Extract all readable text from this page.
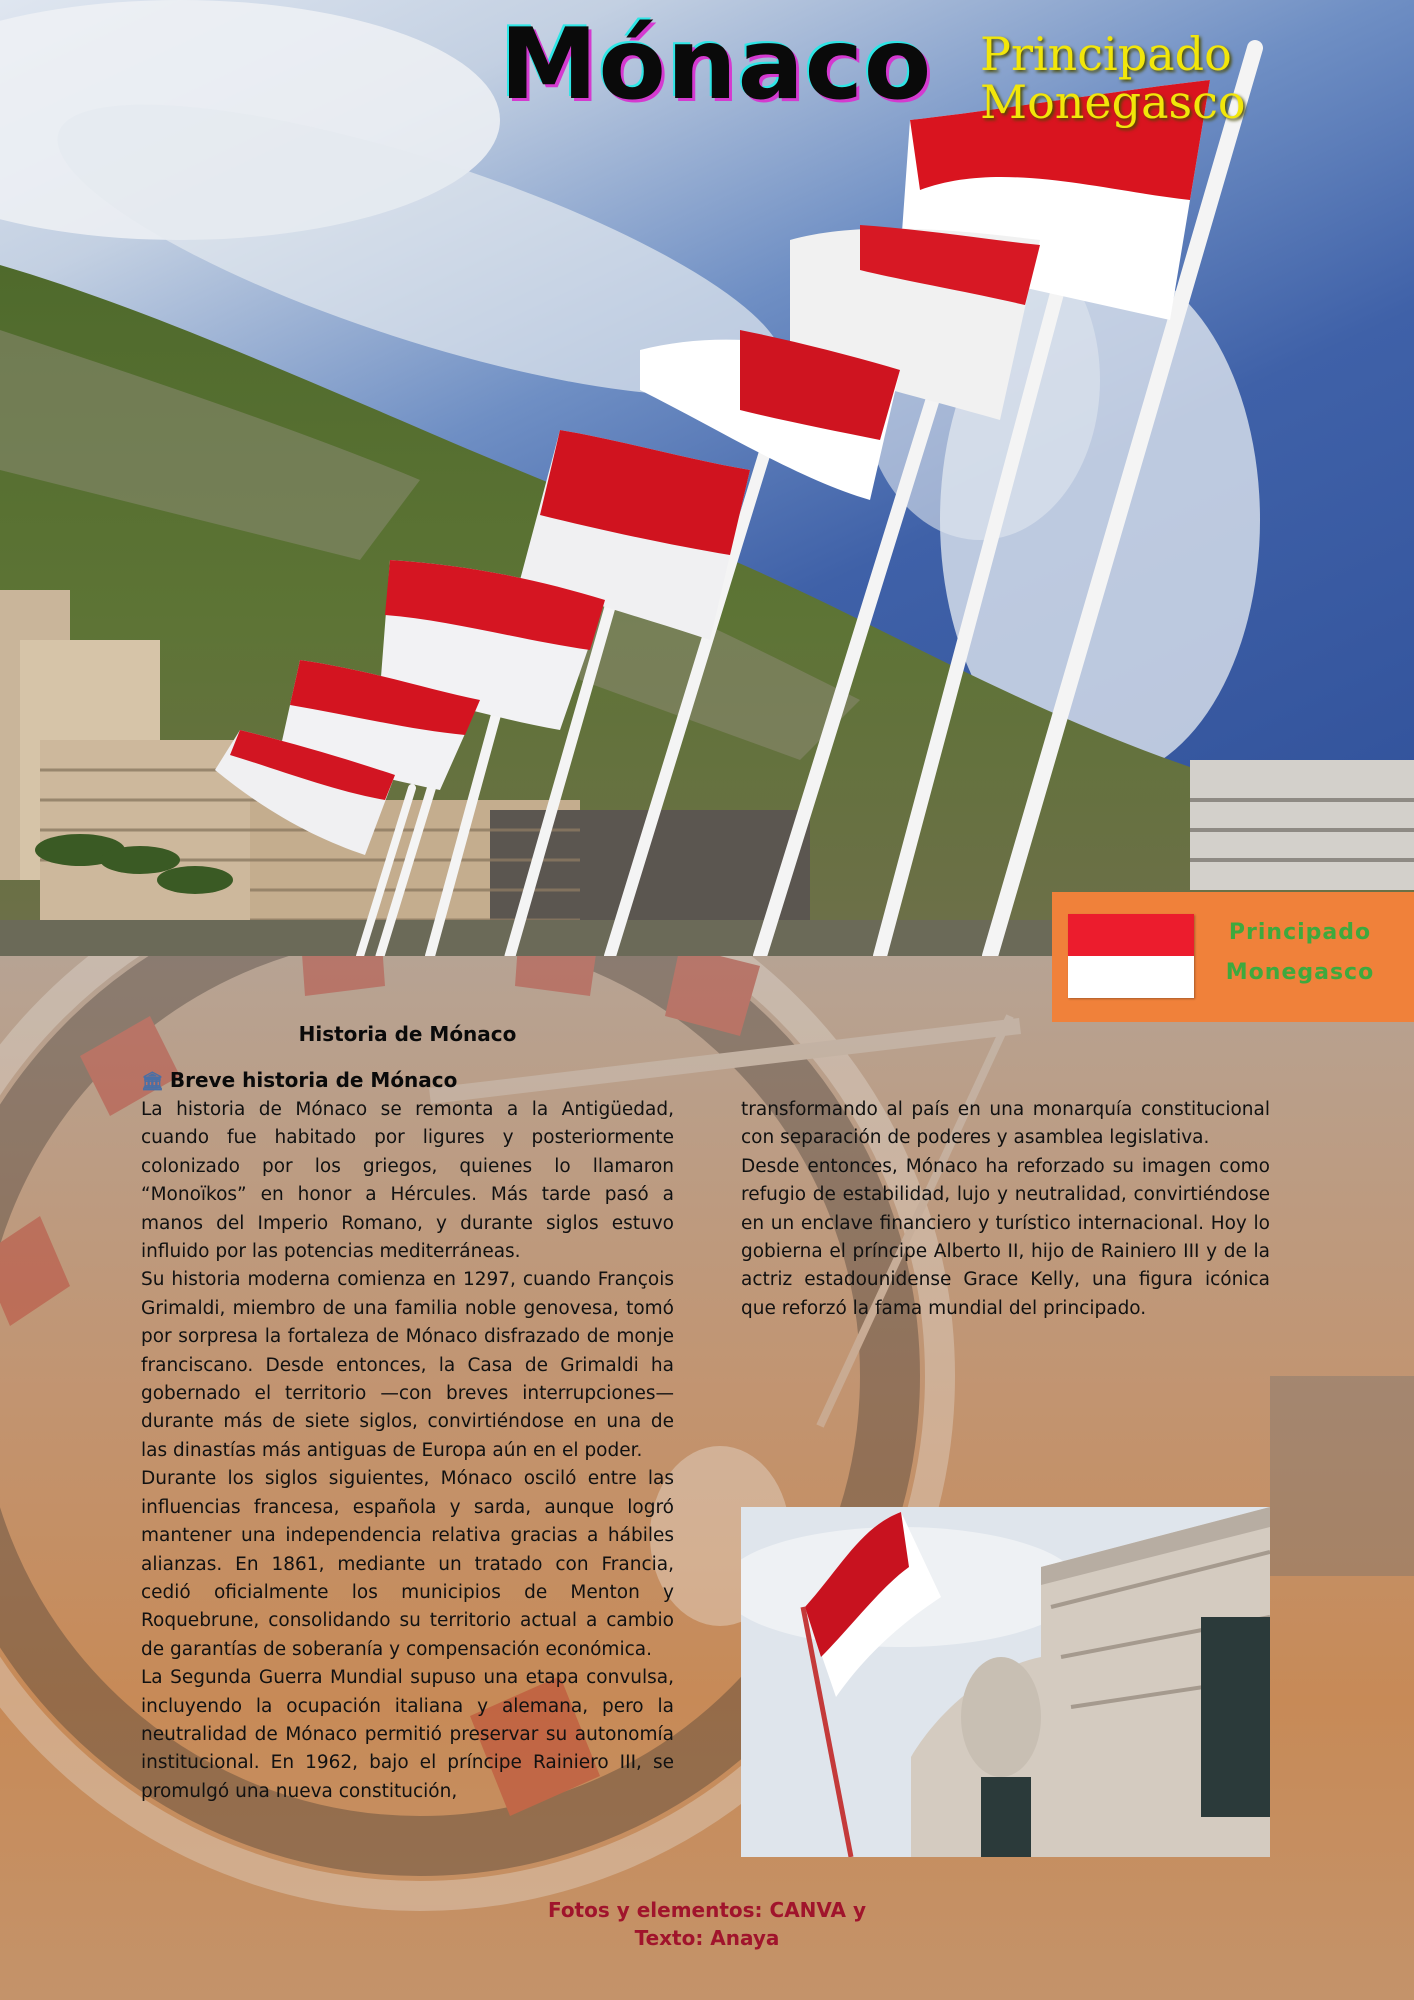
Mónaco Principado
Monegasco
Principado
Monegasco
Historia de Mónaco
🏛 Breve historia de Mónaco

La historia de Mónaco se remonta a la Antigüedad, cuando fue habitado por ligures y posteriormente colonizado por los griegos, quienes lo llamaron “Monoïkos” en honor a Hércules. Más tarde pasó a manos del Imperio Romano, y durante siglos estuvo influido por las potencias mediterráneas.

Su historia moderna comienza en 1297, cuando François Grimaldi, miembro de una familia noble genovesa, tomó por sorpresa la fortaleza de Mónaco disfrazado de monje franciscano. Desde entonces, la Casa de Grimaldi ha gobernado el territorio —con breves interrupciones— durante más de siete siglos, convirtiéndose en una de las dinastías más antiguas de Europa aún en el poder.

Durante los siglos siguientes, Mónaco osciló entre las influencias francesa, española y sarda, aunque logró mantener una independencia relativa gracias a hábiles alianzas. En 1861, mediante un tratado con Francia, cedió oficialmente los municipios de Menton y Roquebrune, consolidando su territorio actual a cambio de garantías de soberanía y compensación económica.

La Segunda Guerra Mundial supuso una etapa convulsa, incluyendo la ocupación italiana y alemana, pero la neutralidad de Mónaco permitió preservar su autonomía institucional. En 1962, bajo el príncipe Rainiero III, se promulgó una nueva constitución,

transformando al país en una monarquía constitucional con separación de poderes y asamblea legislativa.

Desde entonces, Mónaco ha reforzado su imagen como refugio de estabilidad, lujo y neutralidad, convirtiéndose en un enclave financiero y turístico internacional. Hoy lo gobierna el príncipe Alberto II, hijo de Rainiero III y de la actriz estadounidense Grace Kelly, una figura icónica que reforzó la fama mundial del principado.

Fotos y elementos: CANVA y
Texto: Anaya
